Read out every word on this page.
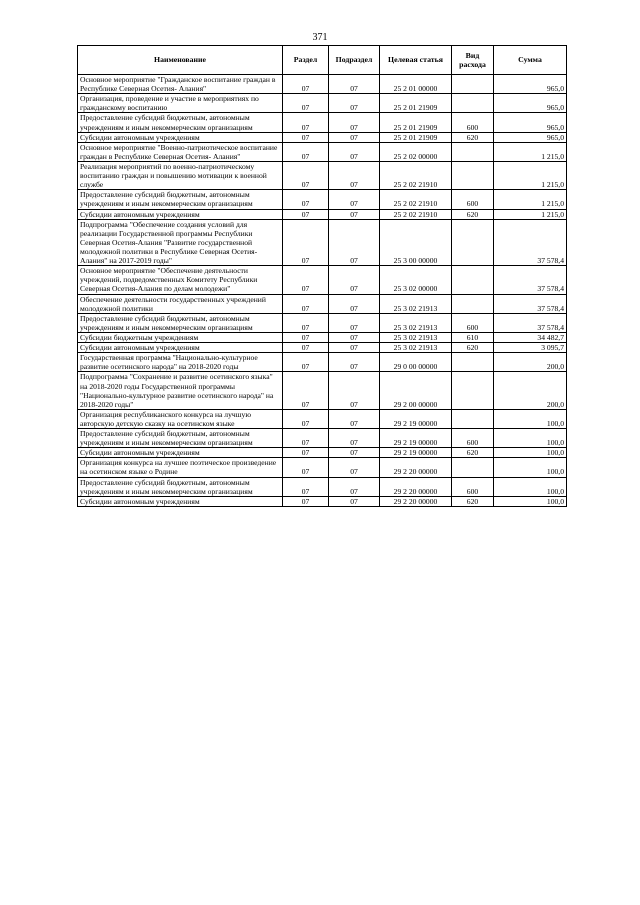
371
Наименование	Раздел	Подраздел	Целевая статья	Вид расхода	Сумма
Основное мероприятие "Гражданское воспитание граждан в Республике Северная Осетия- Алания"	07	07	25 2 01 00000		965,0
Организация, проведение и участие в мероприятиях по гражданскому воспитанию	07	07	25 2 01 21909		965,0
Предоставление субсидий бюджетным, автономным учреждениям и иным некоммерческим организациям	07	07	25 2 01 21909	600	965,0
Субсидии автономным учреждениям	07	07	25 2 01 21909	620	965,0
Основное мероприятие "Военно-патриотическое воспитание граждан в Республике Северная Осетия- Алания"	07	07	25 2 02 00000		1 215,0
Реализация мероприятий по военно-патриотическому воспитанию граждан и повышению мотивации к военной службе	07	07	25 2 02 21910		1 215,0
Предоставление субсидий бюджетным, автономным учреждениям и иным некоммерческим организациям	07	07	25 2 02 21910	600	1 215,0
Субсидии автономным учреждениям	07	07	25 2 02 21910	620	1 215,0
Подпрограмма "Обеспечение создания условий для реализации Государственной программы Республики Северная Осетия-Алания "Развитие государственной молодежной политики в Республике Северная Осетия-Алания" на 2017-2019 годы"	07	07	25 3 00 00000		37 578,4
Основное мероприятие "Обеспечение деятельности учреждений, подведомственных Комитету Республики Северная Осетия-Алания по делам молодежи"	07	07	25 3 02 00000		37 578,4
Обеспечение деятельности государственных учреждений молодежной политики	07	07	25 3 02 21913		37 578,4
Предоставление субсидий бюджетным, автономным учреждениям и иным некоммерческим организациям	07	07	25 3 02 21913	600	37 578,4
Субсидии бюджетным учреждениям	07	07	25 3 02 21913	610	34 482,7
Субсидии автономным учреждениям	07	07	25 3 02 21913	620	3 095,7
Государственная программа "Национально-культурное развитие осетинского народа" на 2018-2020 годы	07	07	29 0 00 00000		200,0
Подпрограмма "Сохранение и развитие осетинского языка" на 2018-2020 годы Государственной программы "Национально-культурное развитие осетинского народа" на 2018-2020 годы"	07	07	29 2 00 00000		200,0
Организация республиканского конкурса на лучшую авторскую детскую сказку на осетинском языке	07	07	29 2 19 00000		100,0
Предоставление субсидий бюджетным, автономным учреждениям и иным некоммерческим организациям	07	07	29 2 19 00000	600	100,0
Субсидии автономным учреждениям	07	07	29 2 19 00000	620	100,0
Организация конкурса на лучшее поэтическое произведение на осетинском языке о Родине	07	07	29 2 20 00000		100,0
Предоставление субсидий бюджетным, автономным учреждениям и иным некоммерческим организациям	07	07	29 2 20 00000	600	100,0
Субсидии автономным учреждениям	07	07	29 2 20 00000	620	100,0
